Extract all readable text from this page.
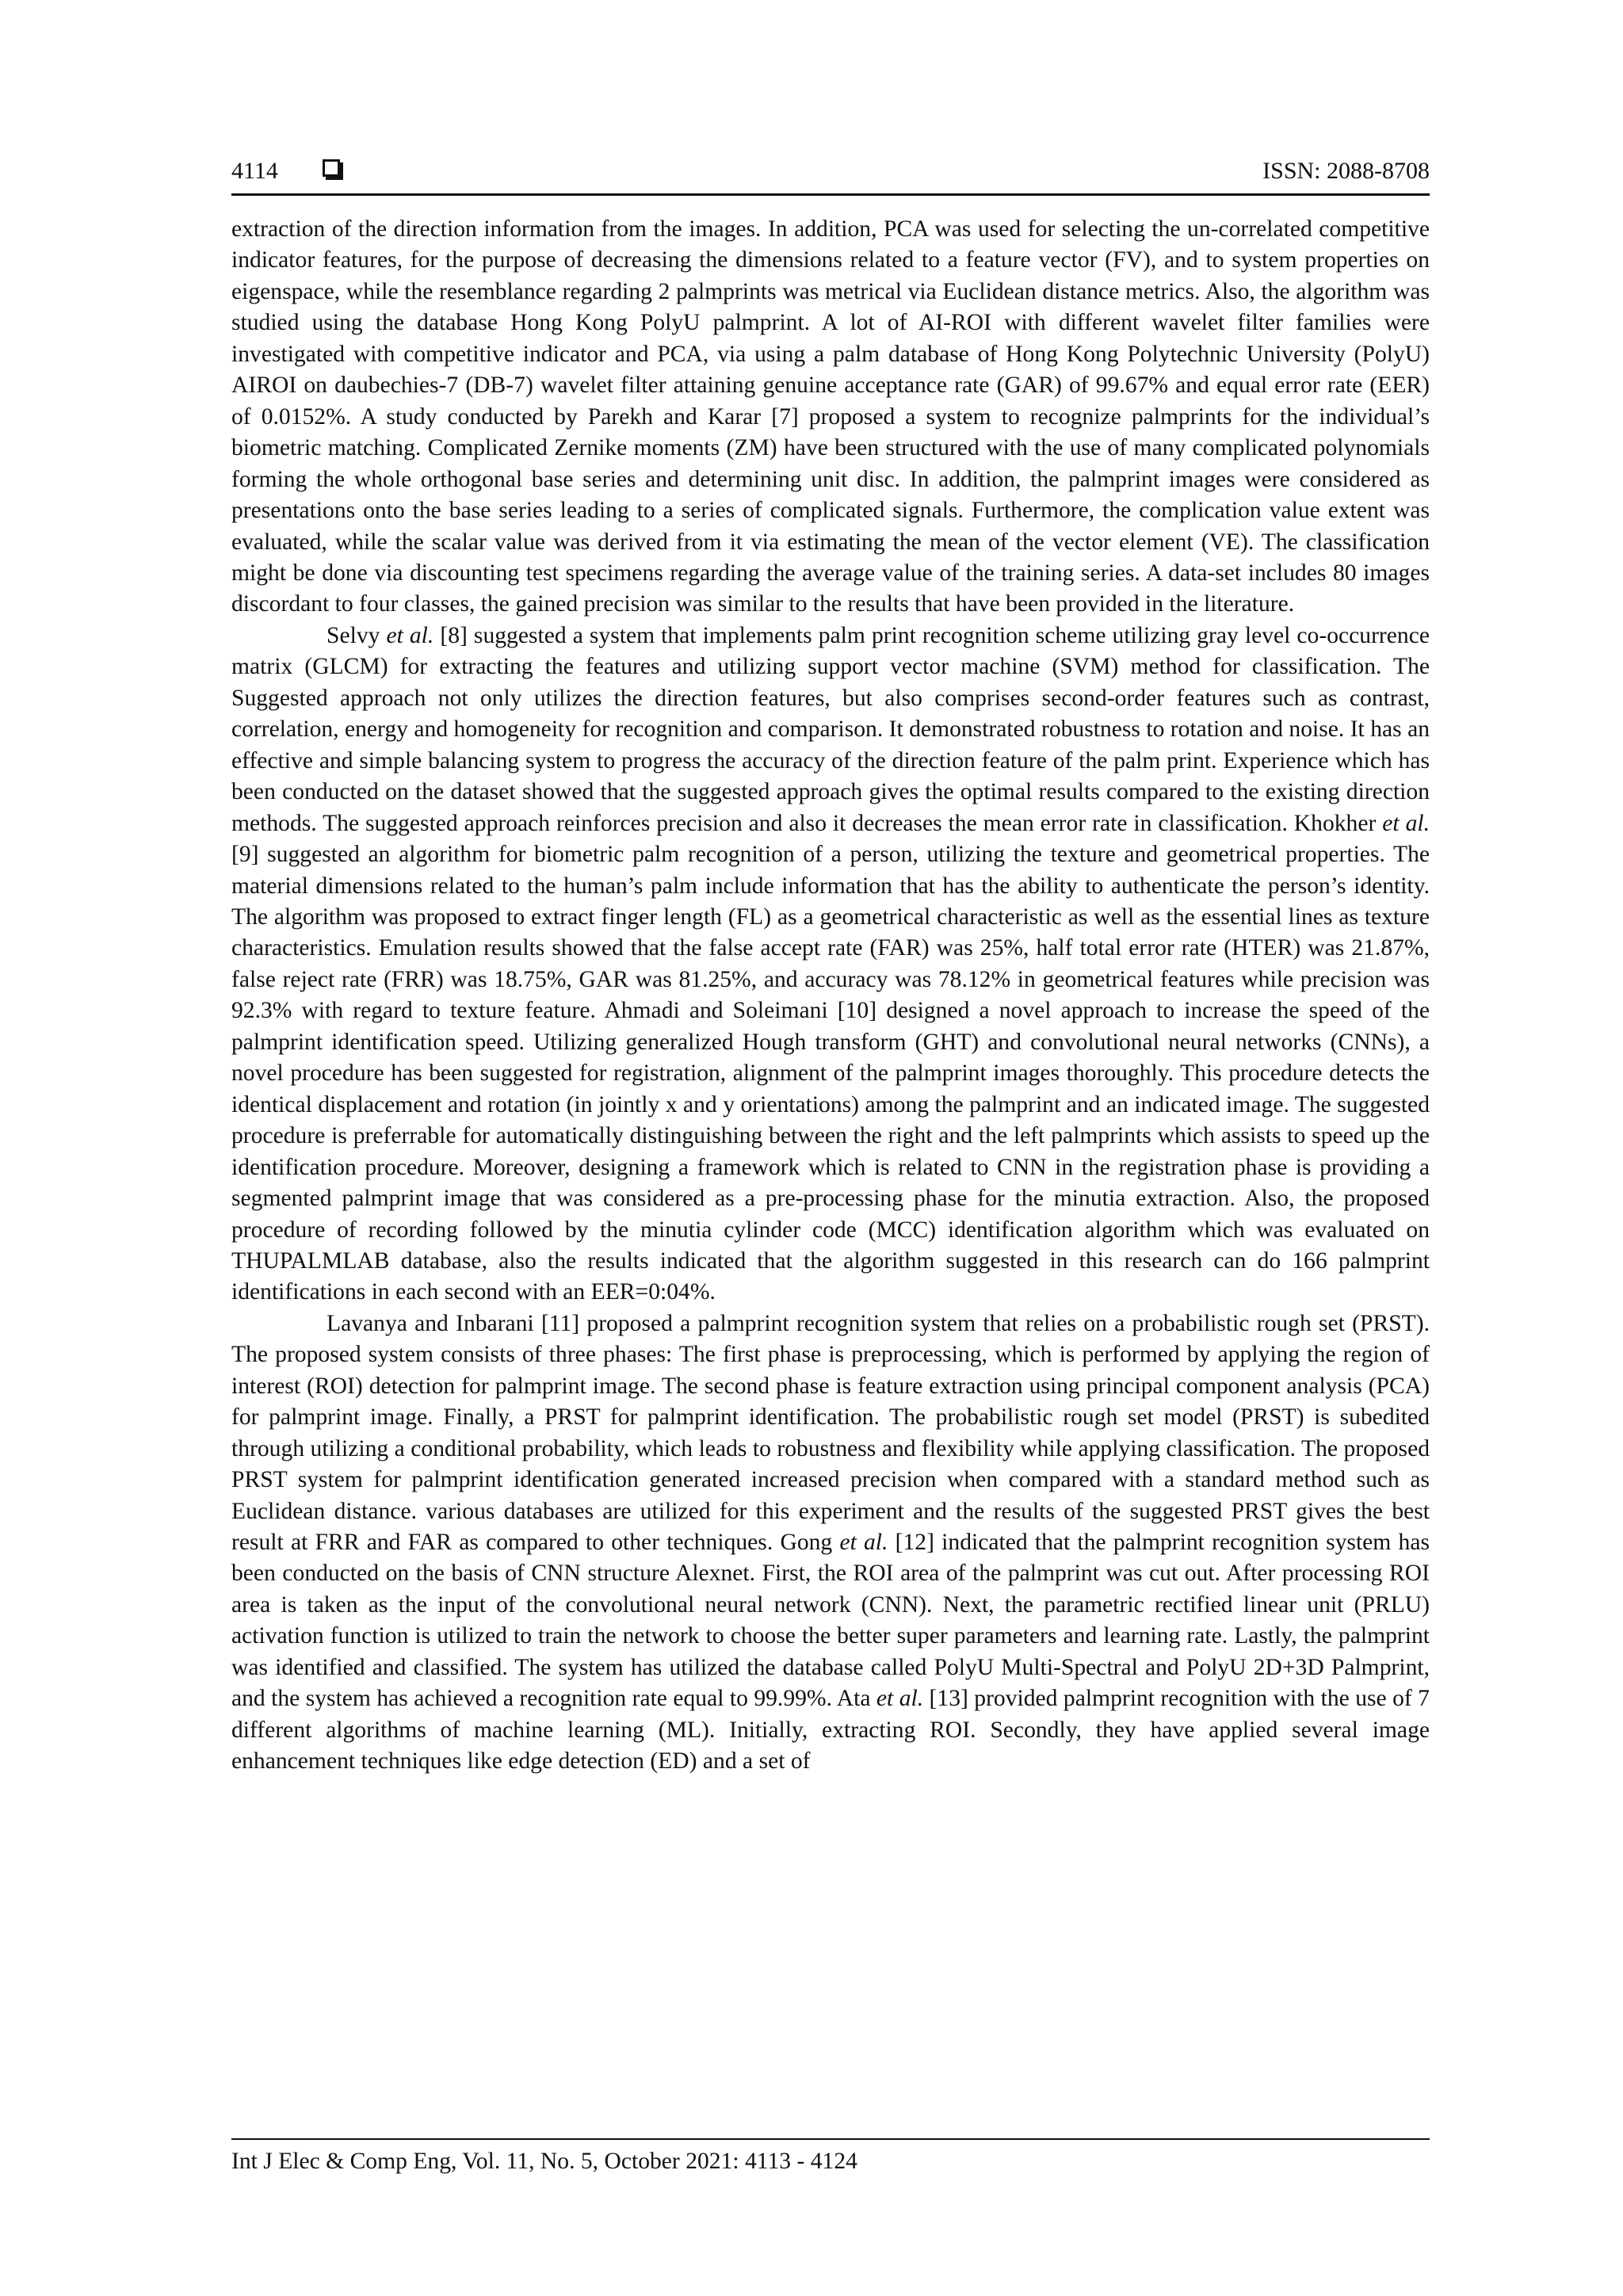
4114	ISSN: 2088-8708

extraction of the direction information from the images. In addition, PCA was used for selecting the un-correlated competitive indicator features, for the purpose of decreasing the dimensions related to a feature vector (FV), and to system properties on eigenspace, while the resemblance regarding 2 palmprints was metrical via Euclidean distance metrics. Also, the algorithm was studied using the database Hong Kong PolyU palmprint. A lot of AI-ROI with different wavelet filter families were investigated with competitive indicator and PCA, via using a palm database of Hong Kong Polytechnic University (PolyU) AIROI on daubechies-7 (DB-7) wavelet filter attaining genuine acceptance rate (GAR) of 99.67% and equal error rate (EER) of 0.0152%. A study conducted by Parekh and Karar [7] proposed a system to recognize palmprints for the individual’s biometric matching. Complicated Zernike moments (ZM) have been structured with the use of many complicated polynomials forming the whole orthogonal base series and determining unit disc. In addition, the palmprint images were considered as presentations onto the base series leading to a series of complicated signals. Furthermore, the complication value extent was evaluated, while the scalar value was derived from it via estimating the mean of the vector element (VE). The classification might be done via discounting test specimens regarding the average value of the training series. A data-set includes 80 images discordant to four classes, the gained precision was similar to the results that have been provided in the literature.

Selvy et al. [8] suggested a system that implements palm print recognition scheme utilizing gray level co-occurrence matrix (GLCM) for extracting the features and utilizing support vector machine (SVM) method for classification. The Suggested approach not only utilizes the direction features, but also comprises second-order features such as contrast, correlation, energy and homogeneity for recognition and comparison. It demonstrated robustness to rotation and noise. It has an effective and simple balancing system to progress the accuracy of the direction feature of the palm print. Experience which has been conducted on the dataset showed that the suggested approach gives the optimal results compared to the existing direction methods. The suggested approach reinforces precision and also it decreases the mean error rate in classification. Khokher et al. [9] suggested an algorithm for biometric palm recognition of a person, utilizing the texture and geometrical properties. The material dimensions related to the human’s palm include information that has the ability to authenticate the person’s identity. The algorithm was proposed to extract finger length (FL) as a geometrical characteristic as well as the essential lines as texture characteristics. Emulation results showed that the false accept rate (FAR) was 25%, half total error rate (HTER) was 21.87%, false reject rate (FRR) was 18.75%, GAR was 81.25%, and accuracy was 78.12% in geometrical features while precision was 92.3% with regard to texture feature. Ahmadi and Soleimani [10] designed a novel approach to increase the speed of the palmprint identification speed. Utilizing generalized Hough transform (GHT) and convolutional neural networks (CNNs), a novel procedure has been suggested for registration, alignment of the palmprint images thoroughly. This procedure detects the identical displacement and rotation (in jointly x and y orientations) among the palmprint and an indicated image. The suggested procedure is preferrable for automatically distinguishing between the right and the left palmprints which assists to speed up the identification procedure. Moreover, designing a framework which is related to CNN in the registration phase is providing a segmented palmprint image that was considered as a pre-processing phase for the minutia extraction. Also, the proposed procedure of recording followed by the minutia cylinder code (MCC) identification algorithm which was evaluated on THUPALMLAB database, also the results indicated that the algorithm suggested in this research can do 166 palmprint identifications in each second with an EER=0:04%.

Lavanya and Inbarani [11] proposed a palmprint recognition system that relies on a probabilistic rough set (PRST). The proposed system consists of three phases: The first phase is preprocessing, which is performed by applying the region of interest (ROI) detection for palmprint image. The second phase is feature extraction using principal component analysis (PCA) for palmprint image. Finally, a PRST for palmprint identification. The probabilistic rough set model (PRST) is subedited through utilizing a conditional probability, which leads to robustness and flexibility while applying classification. The proposed PRST system for palmprint identification generated increased precision when compared with a standard method such as Euclidean distance. various databases are utilized for this experiment and the results of the suggested PRST gives the best result at FRR and FAR as compared to other techniques. Gong et al. [12] indicated that the palmprint recognition system has been conducted on the basis of CNN structure Alexnet. First, the ROI area of the palmprint was cut out. After processing ROI area is taken as the input of the convolutional neural network (CNN). Next, the parametric rectified linear unit (PRLU) activation function is utilized to train the network to choose the better super parameters and learning rate. Lastly, the palmprint was identified and classified. The system has utilized the database called PolyU Multi-Spectral and PolyU 2D+3D Palmprint, and the system has achieved a recognition rate equal to 99.99%. Ata et al. [13] provided palmprint recognition with the use of 7 different algorithms of machine learning (ML). Initially, extracting ROI. Secondly, they have applied several image enhancement techniques like edge detection (ED) and a set of

Int J Elec & Comp Eng, Vol. 11, No. 5, October 2021: 4113 - 4124
